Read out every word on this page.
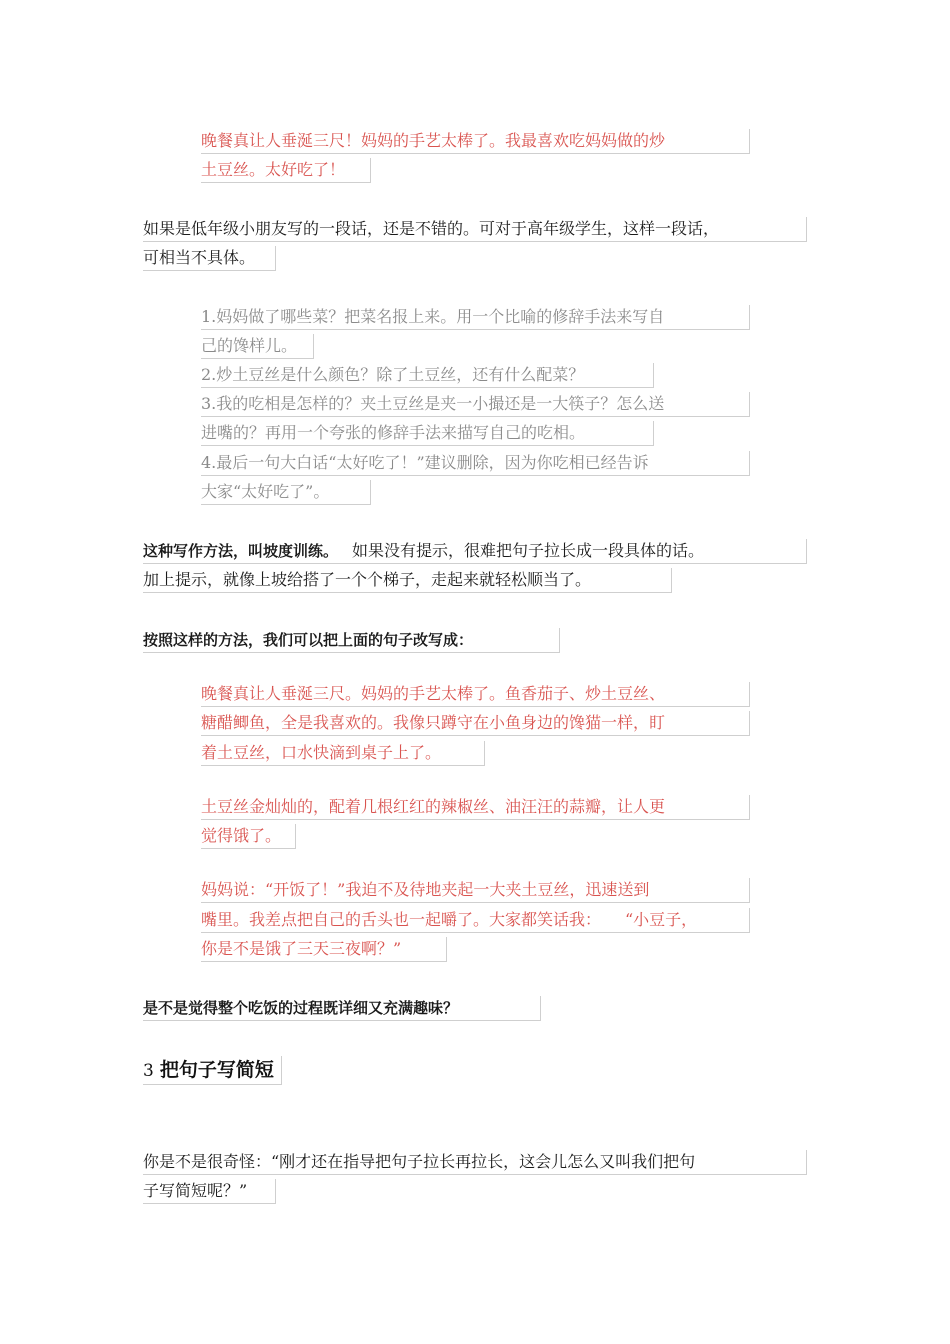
晚餐真让人垂涎三尺！妈妈的手艺太棒了。我最喜欢吃妈妈做的炒
土豆丝。太好吃了！
如果是低年级小朋友写的一段话，还是不错的。可对于高年级学生，这样一段话，
可相当不具体。
1.妈妈做了哪些菜？把菜名报上来。用一个比喻的修辞手法来写自
己的馋样儿。
2.炒土豆丝是什么颜色？除了土豆丝，还有什么配菜？
3.我的吃相是怎样的？夹土豆丝是夹一小撮还是一大筷子？怎么送
进嘴的？再用一个夸张的修辞手法来描写自己的吃相。
4.最后一句大白话“太好吃了！”建议删除，因为你吃相已经告诉
大家“太好吃了”。
这种写作方法，叫坡度训练。 如果没有提示，很难把句子拉长成一段具体的话。
加上提示，就像上坡给搭了一个个梯子，走起来就轻松顺当了。
按照这样的方法，我们可以把上面的句子改写成：
晚餐真让人垂涎三尺。妈妈的手艺太棒了。鱼香茄子、炒土豆丝、
糖醋鲫鱼，全是我喜欢的。我像只蹲守在小鱼身边的馋猫一样，盯
着土豆丝，口水快滴到桌子上了。
土豆丝金灿灿的，配着几根红红的辣椒丝、油汪汪的蒜瓣，让人更
觉得饿了。
妈妈说：“开饭了！”我迫不及待地夹起一大夹土豆丝，迅速送到
嘴里。我差点把自己的舌头也一起嚼了。大家都笑话我：　　“小豆子，
你是不是饿了三天三夜啊？”
是不是觉得整个吃饭的过程既详细又充满趣味？
3 把句子写简短
你是不是很奇怪：“刚才还在指导把句子拉长再拉长，这会儿怎么又叫我们把句
子写简短呢？”
